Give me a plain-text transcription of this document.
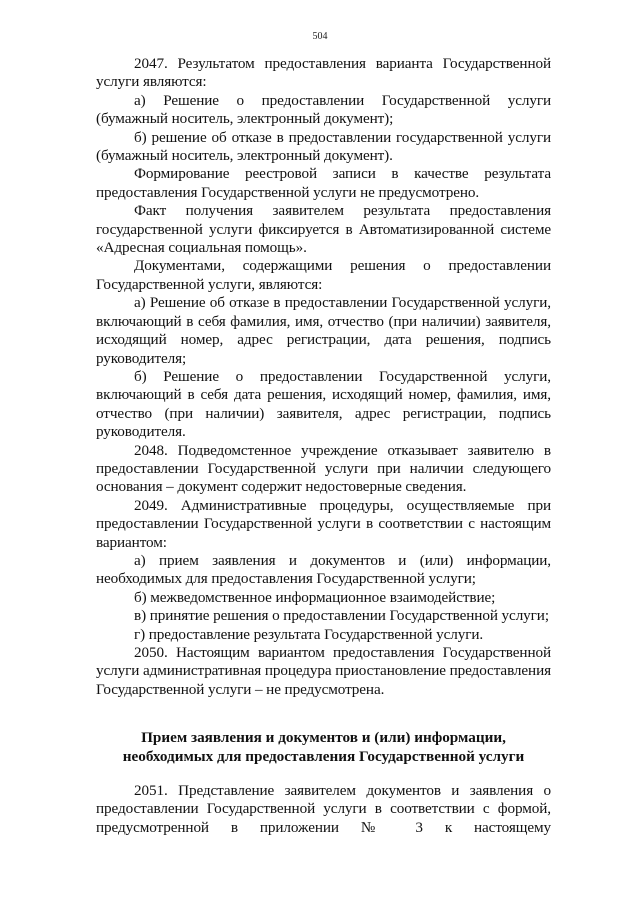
504

2047. Результатом предоставления варианта Государственной услуги являются:

а) Решение о предоставлении Государственной услуги (бумажный носитель, электронный документ);

б) решение об отказе в предоставлении государственной услуги (бумажный носитель, электронный документ).

Формирование реестровой записи в качестве результата предоставления Государственной услуги не предусмотрено.

Факт получения заявителем результата предоставления государственной услуги фиксируется в Автоматизированной системе «Адресная социальная помощь».

Документами, содержащими решения о предоставлении Государственной услуги, являются:

а) Решение об отказе в предоставлении Государственной услуги, включающий в себя фамилия, имя, отчество (при наличии) заявителя, исходящий номер, адрес регистрации, дата решения, подпись руководителя;

б) Решение о предоставлении Государственной услуги, включающий в себя дата решения, исходящий номер, фамилия, имя, отчество (при наличии) заявителя, адрес регистрации, подпись руководителя.

2048. Подведомстенное учреждение отказывает заявителю в предоставлении Государственной услуги при наличии следующего основания – документ содержит недостоверные сведения.

2049. Административные процедуры, осуществляемые при предоставлении Государственной услуги в соответствии с настоящим вариантом:

а) прием заявления и документов и (или) информации, необходимых для предоставления Государственной услуги;

б) межведомственное информационное взаимодействие;

в) принятие решения о предоставлении Государственной услуги;

г) предоставление результата Государственной услуги.

2050. Настоящим вариантом предоставления Государственной услуги административная процедура приостановление предоставления Государственной услуги – не предусмотрена.

Прием заявления и документов и (или) информации, необходимых для предоставления Государственной услуги

2051. Представление заявителем документов и заявления о предоставлении Государственной услуги в соответствии с формой, предусмотренной в приложении № 3 к настоящему
